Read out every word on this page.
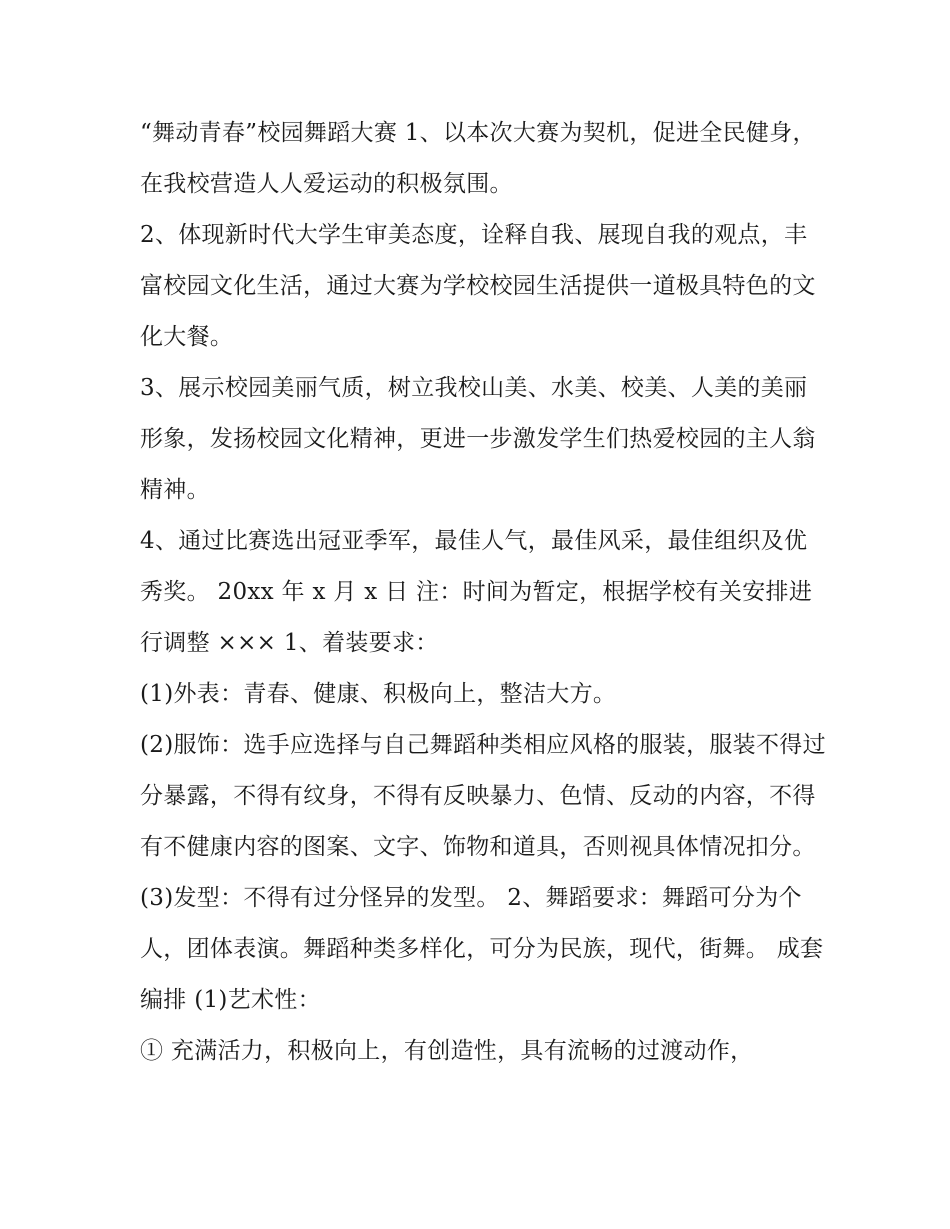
“舞动青春”校园舞蹈大赛 1、以本次大赛为契机，促进全民健身，在我校营造人人爱运动的积极氛围。

2、体现新时代大学生审美态度，诠释自我、展现自我的观点，丰富校园文化生活，通过大赛为学校校园生活提供一道极具特色的文化大餐。

3、展示校园美丽气质，树立我校山美、水美、校美、人美的美丽形象，发扬校园文化精神，更进一步激发学生们热爱校园的主人翁精神。

4、通过比赛选出冠亚季军，最佳人气，最佳风采，最佳组织及优秀奖。 20xx 年 x 月 x 日 注：时间为暂定，根据学校有关安排进行调整 ××× 1、着装要求：

(1)外表：青春、健康、积极向上，整洁大方。

(2)服饰：选手应选择与自己舞蹈种类相应风格的服装，服装不得过分暴露，不得有纹身，不得有反映暴力、色情、反动的内容，不得有不健康内容的图案、文字、饰物和道具，否则视具体情况扣分。

(3)发型：不得有过分怪异的发型。 2、舞蹈要求：舞蹈可分为个人，团体表演。舞蹈种类多样化，可分为民族，现代，街舞。 成套编排 (1)艺术性：

① 充满活力，积极向上，有创造性，具有流畅的过渡动作，
